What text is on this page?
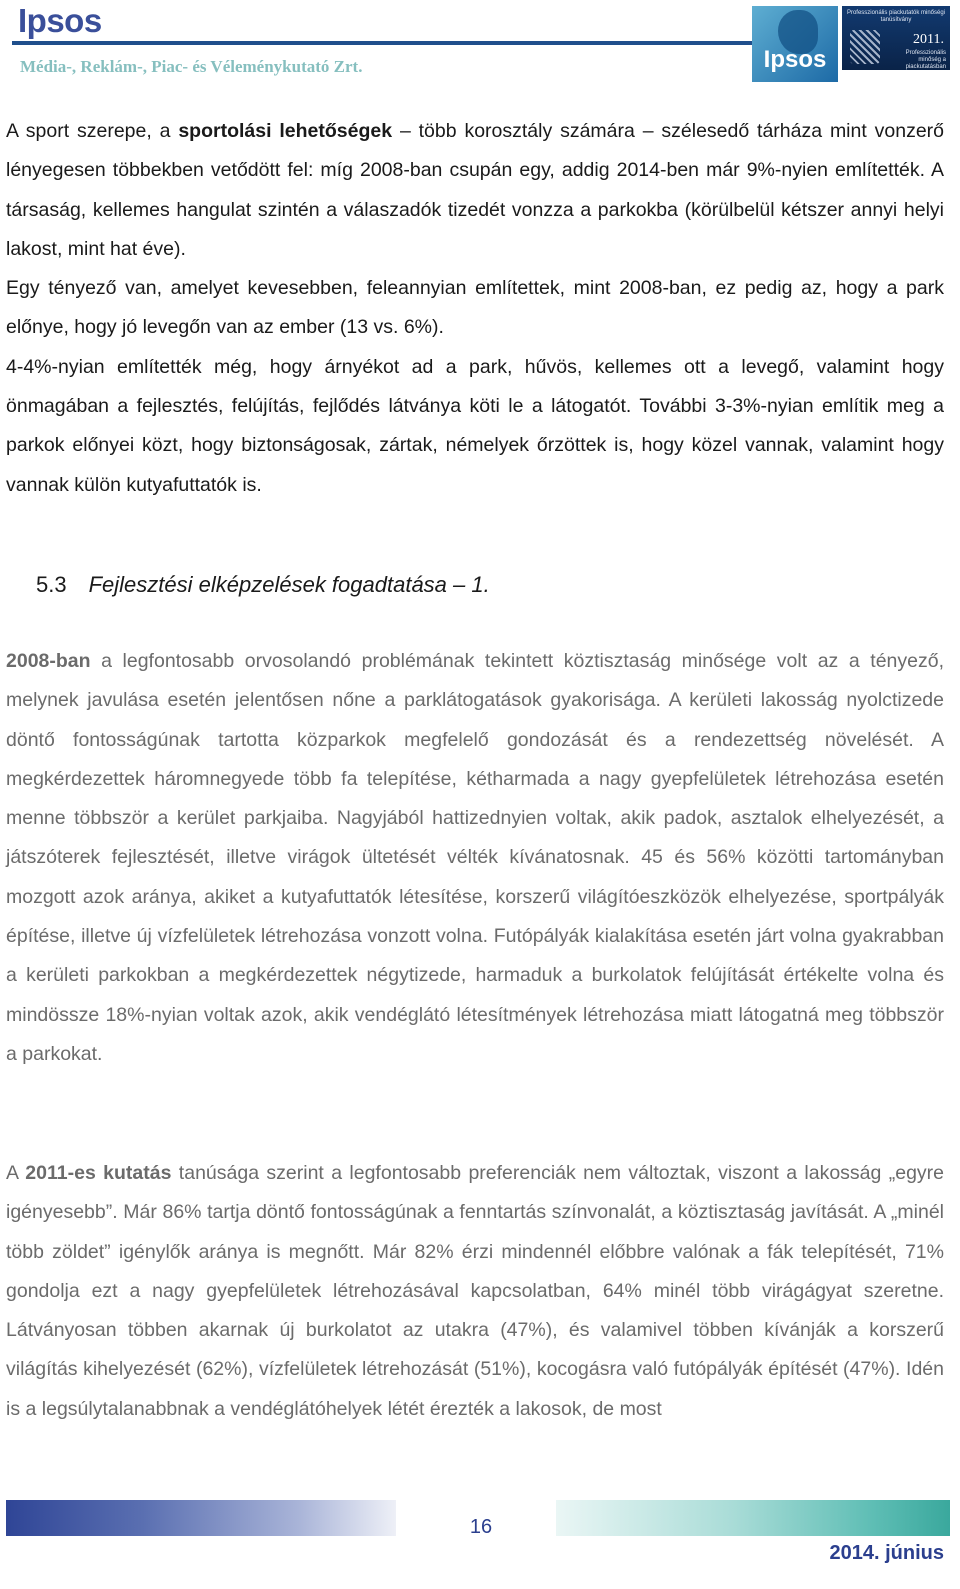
Ipsos
Média-, Reklám-, Piac- és Véleménykutató Zrt.	Ipsos
Professzionális piackutatók minőségi tanúsítvány
2011.
Professzionális minőség a piackutatásban

A sport szerepe, a sportolási lehetőségek – több korosztály számára – szélesedő tárháza mint vonzerő lényegesen többekben vetődött fel: míg 2008-ban csupán egy, addig 2014-ben már 9%-nyien említették. A társaság, kellemes hangulat szintén a válaszadók tizedét vonzza a parkokba (körülbelül kétszer annyi helyi lakost, mint hat éve).

Egy tényező van, amelyet kevesebben, feleannyian említettek, mint 2008-ban, ez pedig az, hogy a park előnye, hogy jó levegőn van az ember (13 vs. 6%).

4-4%-nyian említették még, hogy árnyékot ad a park, hűvös, kellemes ott a levegő, valamint hogy önmagában a fejlesztés, felújítás, fejlődés látványa köti le a látogatót. További 3-3%-nyian említik meg a parkok előnyei közt, hogy biztonságosak, zártak, némelyek őrzöttek is, hogy közel vannak, valamint hogy vannak külön kutyafuttatók is.

5.3 Fejlesztési elképzelések fogadtatása – 1.

2008-ban a legfontosabb orvosolandó problémának tekintett köztisztaság minősége volt az a tényező, melynek javulása esetén jelentősen nőne a parklátogatások gyakorisága. A kerületi lakosság nyolctizede döntő fontosságúnak tartotta közparkok megfelelő gondozását és a rendezettség növelését. A megkérdezettek háromnegyede több fa telepítése, kétharmada a nagy gyepfelületek létrehozása esetén menne többször a kerület parkjaiba. Nagyjából hattizednyien voltak, akik padok, asztalok elhelyezését, a játszóterek fejlesztését, illetve virágok ültetését vélték kívánatosnak. 45 és 56% közötti tartományban mozgott azok aránya, akiket a kutyafuttatók létesítése, korszerű világítóeszközök elhelyezése, sportpályák építése, illetve új vízfelületek létrehozása vonzott volna. Futópályák kialakítása esetén járt volna gyakrabban a kerületi parkokban a megkérdezettek négytizede, harmaduk a burkolatok felújítását értékelte volna és mindössze 18%-nyian voltak azok, akik vendéglátó létesítmények létrehozása miatt látogatná meg többször a parkokat.

A 2011-es kutatás tanúsága szerint a legfontosabb preferenciák nem változtak, viszont a lakosság „egyre igényesebb”. Már 86% tartja döntő fontosságúnak a fenntartás színvonalát, a köztisztaság javítását. A „minél több zöldet” igénylők aránya is megnőtt. Már 82% érzi mindennél előbbre valónak a fák telepítését, 71% gondolja ezt a nagy gyepfelületek létrehozásával kapcsolatban, 64% minél több virágágyat szeretne. Látványosan többen akarnak új burkolatot az utakra (47%), és valamivel többen kívánják a korszerű világítás kihelyezését (62%), vízfelületek létrehozását (51%), kocogásra való futópályák építését (47%). Idén is a legsúlytalanabbnak a vendéglátóhelyek létét érezték a lakosok, de most

16
2014. június
